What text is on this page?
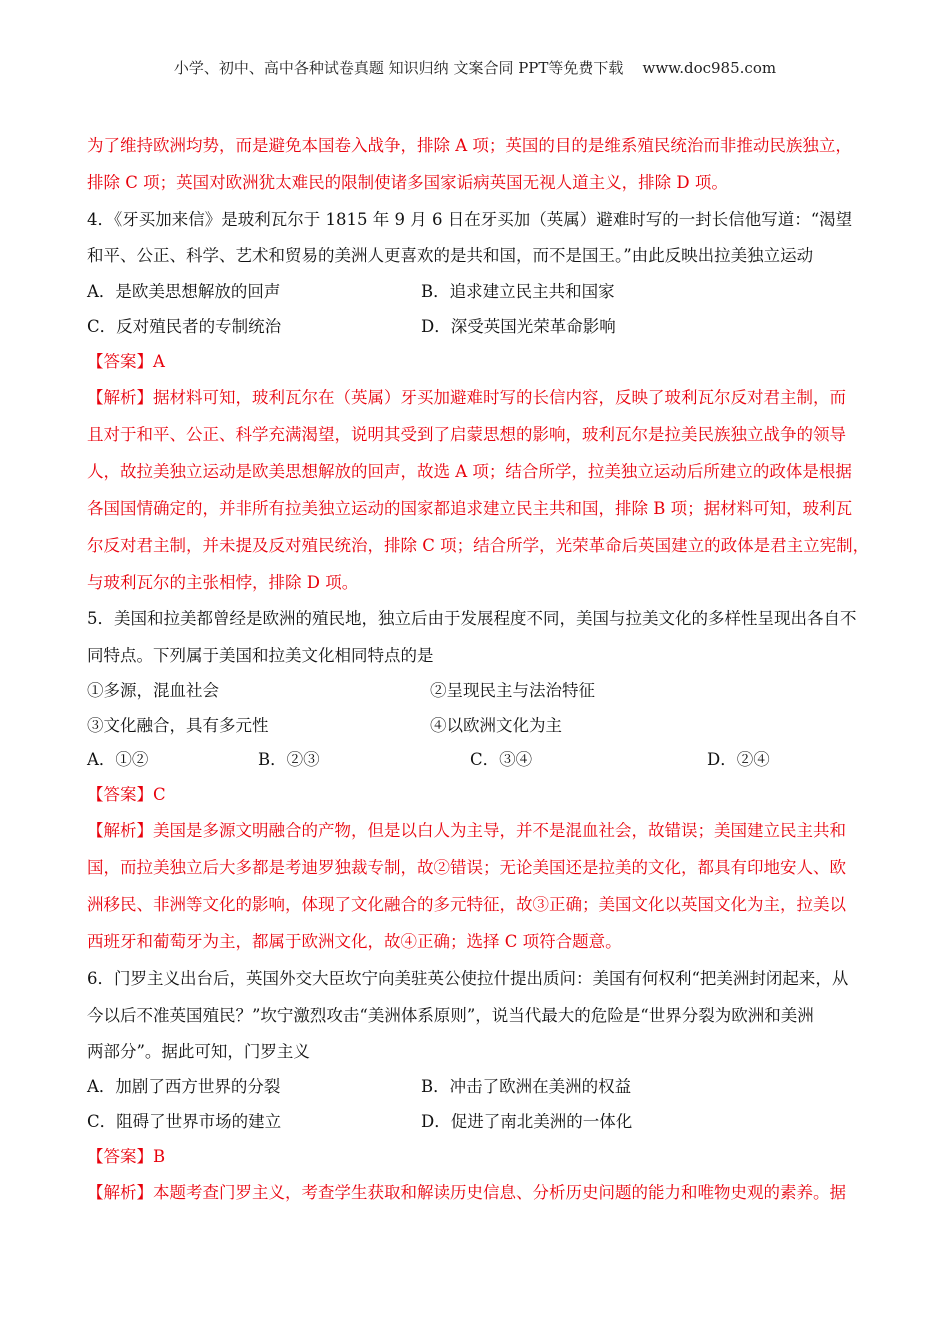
小学、初中、高中各种试卷真题 知识归纳 文案合同 PPT等免费下载    www.doc985.com
为了维持欧洲均势，而是避免本国卷入战争，排除 A 项；英国的目的是维系殖民统治而非推动民族独立，
排除 C 项；英国对欧洲犹太难民的限制使诸多国家诟病英国无视人道主义，排除 D 项。
4．《牙买加来信》是玻利瓦尔于 1815 年 9 月 6 日在牙买加（英属）避难时写的一封长信他写道：“渴望
和平、公正、科学、艺术和贸易的美洲人更喜欢的是共和国，而不是国王。”由此反映出拉美独立运动
A．是欧美思想解放的回声	B．追求建立民主共和国家
C．反对殖民者的专制统治	D．深受英国光荣革命影响
【答案】A
【解析】据材料可知，玻利瓦尔在（英属）牙买加避难时写的长信内容，反映了玻利瓦尔反对君主制，而
且对于和平、公正、科学充满渴望，说明其受到了启蒙思想的影响，玻利瓦尔是拉美民族独立战争的领导
人，故拉美独立运动是欧美思想解放的回声，故选 A 项；结合所学，拉美独立运动后所建立的政体是根据
各国国情确定的，并非所有拉美独立运动的国家都追求建立民主共和国，排除 B 项；据材料可知，玻利瓦
尔反对君主制，并未提及反对殖民统治，排除 C 项；结合所学，光荣革命后英国建立的政体是君主立宪制，
与玻利瓦尔的主张相悖，排除 D 项。
5．美国和拉美都曾经是欧洲的殖民地，独立后由于发展程度不同，美国与拉美文化的多样性呈现出各自不
同特点。下列属于美国和拉美文化相同特点的是
①多源，混血社会	②呈现民主与法治特征
③文化融合，具有多元性	④以欧洲文化为主
A．①②	B．②③	C．③④	D．②④
【答案】C
【解析】美国是多源文明融合的产物，但是以白人为主导，并不是混血社会，故错误；美国建立民主共和
国，而拉美独立后大多都是考迪罗独裁专制，故②错误；无论美国还是拉美的文化，都具有印地安人、欧
洲移民、非洲等文化的影响，体现了文化融合的多元特征，故③正确；美国文化以英国文化为主，拉美以
西班牙和葡萄牙为主，都属于欧洲文化，故④正确；选择 C 项符合题意。
6．门罗主义出台后，英国外交大臣坎宁向美驻英公使拉什提出质问：美国有何权利“把美洲封闭起来，从
今以后不准英国殖民？”坎宁激烈攻击“美洲体系原则”，说当代最大的危险是“世界分裂为欧洲和美洲
两部分”。据此可知，门罗主义
A．加剧了西方世界的分裂	B．冲击了欧洲在美洲的权益
C．阻碍了世界市场的建立	D．促进了南北美洲的一体化
【答案】B
【解析】本题考查门罗主义，考查学生获取和解读历史信息、分析历史问题的能力和唯物史观的素养。据
